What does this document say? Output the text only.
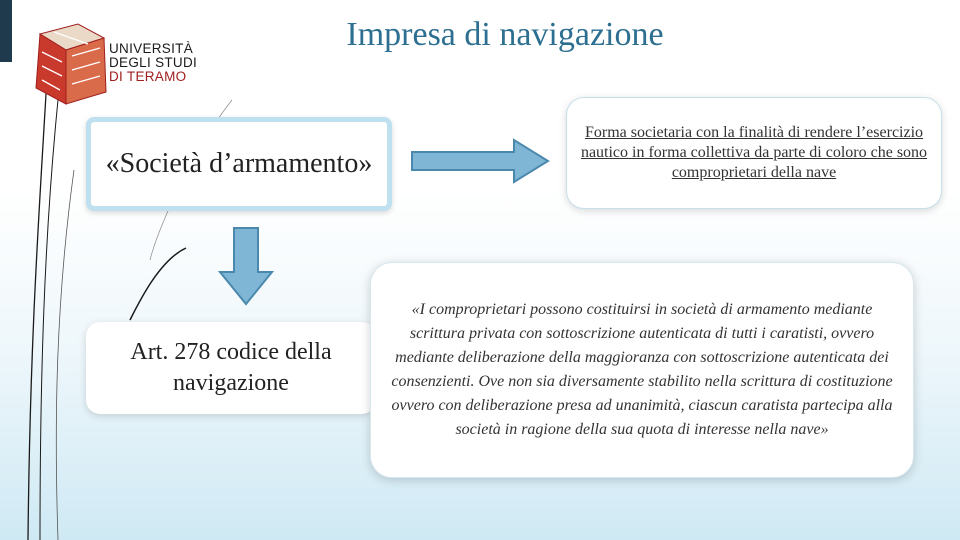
UNIVERSITÀ
DEGLI STUDI
DI TERAMO
Impresa di navigazione
«Società d’armamento»
Forma societaria con la finalità di rendere l’esercizio nautico in forma collettiva da parte di coloro che sono comproprietari della nave
Art. 278 codice della navigazione
«I comproprietari possono costituirsi in società di armamento mediante scrittura privata con sottoscrizione autenticata di tutti i caratisti, ovvero mediante deliberazione della maggioranza con sottoscrizione autenticata dei consenzienti. Ove non sia diversamente stabilito nella scrittura di costituzione ovvero con deliberazione presa ad unanimità, ciascun caratista partecipa alla società in ragione della sua quota di interesse nella nave»
